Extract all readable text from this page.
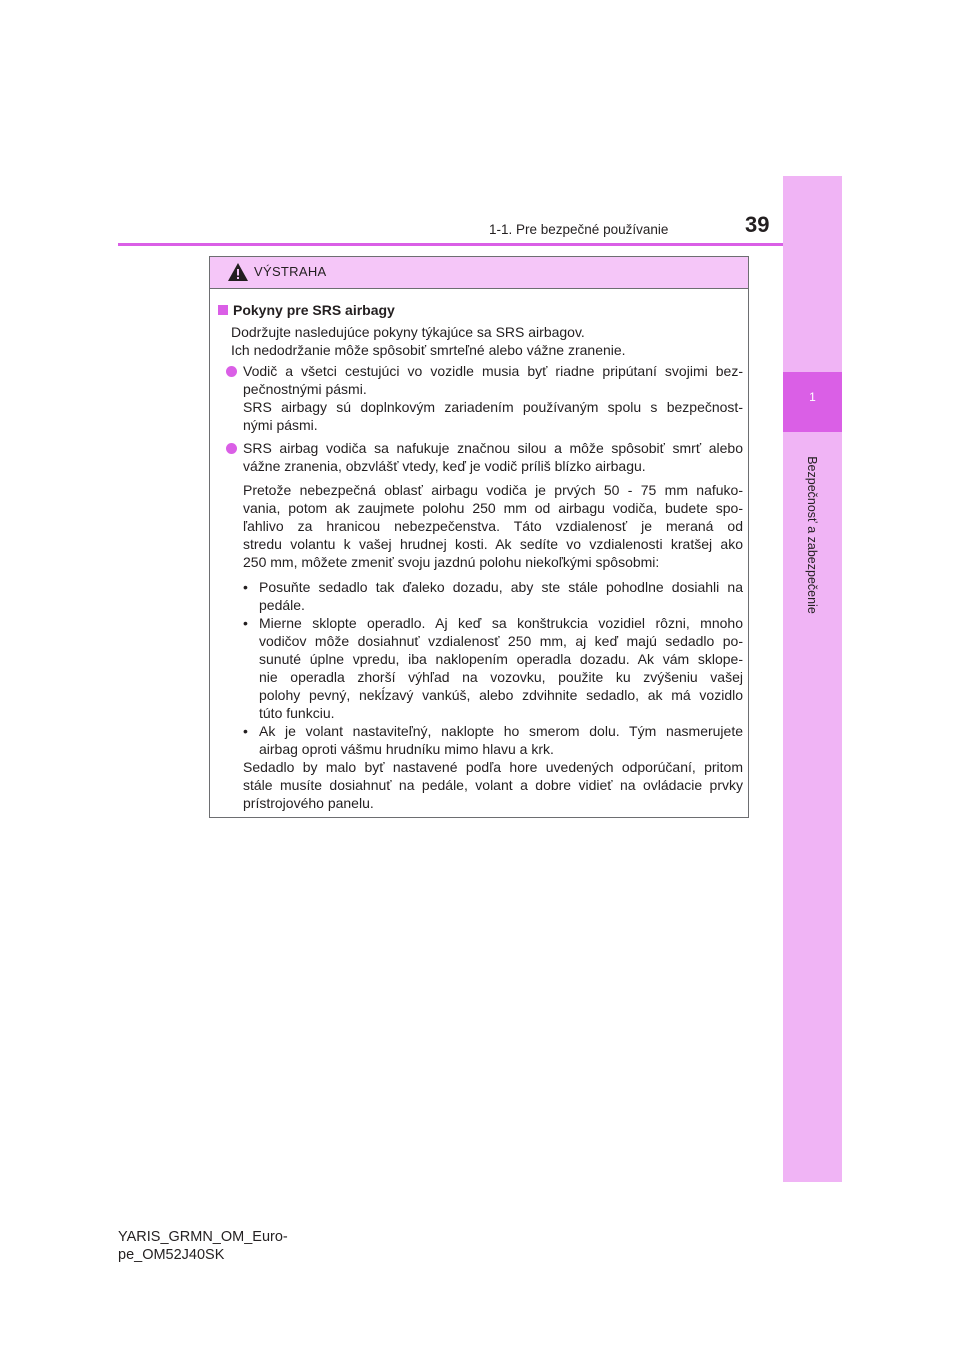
1
Bezpečnosť a zabezpečenie
1-1. Pre bezpečné používanie	39
VÝSTRAHA
Pokyny pre SRS airbagy
Dodržujte nasledujúce pokyny týkajúce sa SRS airbagov.
Ich nedodržanie môže spôsobiť smrteľné alebo vážne zranenie.
Vodič a všetci cestujúci vo vozidle musia byť riadne pripútaní svojimi bez-
pečnostnými pásmi.
SRS airbagy sú doplnkovým zariadením používaným spolu s bezpečnost-
nými pásmi.
SRS airbag vodiča sa nafukuje značnou silou a môže spôsobiť smrť alebo
vážne zranenia, obzvlášť vtedy, keď je vodič príliš blízko airbagu.
Pretože nebezpečná oblasť airbagu vodiča je prvých 50 - 75 mm nafuko-
vania, potom ak zaujmete polohu 250 mm od airbagu vodiča, budete spo-
ľahlivo za hranicou nebezpečenstva. Táto vzdialenosť je meraná od
stredu volantu k vašej hrudnej kosti. Ak sedíte vo vzdialenosti kratšej ako
250 mm, môžete zmeniť svoju jazdnú polohu niekoľkými spôsobmi:
• Posuňte sedadlo tak ďaleko dozadu, aby ste stále pohodlne dosiahli na
pedále.
• Mierne sklopte operadlo. Aj keď sa konštrukcia vozidiel rôzni, mnoho
vodičov môže dosiahnuť vzdialenosť 250 mm, aj keď majú sedadlo po-
sunuté úplne vpredu, iba naklopením operadla dozadu. Ak vám sklope-
nie operadla zhorší výhľad na vozovku, použite ku zvýšeniu vašej
polohy pevný, nekĺzavý vankúš, alebo zdvihnite sedadlo, ak má vozidlo
túto funkciu.
• Ak je volant nastaviteľný, naklopte ho smerom dolu. Tým nasmerujete
airbag oproti vášmu hrudníku mimo hlavu a krk.
Sedadlo by malo byť nastavené podľa hore uvedených odporúčaní, pritom
stále musíte dosiahnuť na pedále, volant a dobre vidieť na ovládacie prvky
prístrojového panelu.
YARIS_GRMN_OM_Euro-
pe_OM52J40SK
